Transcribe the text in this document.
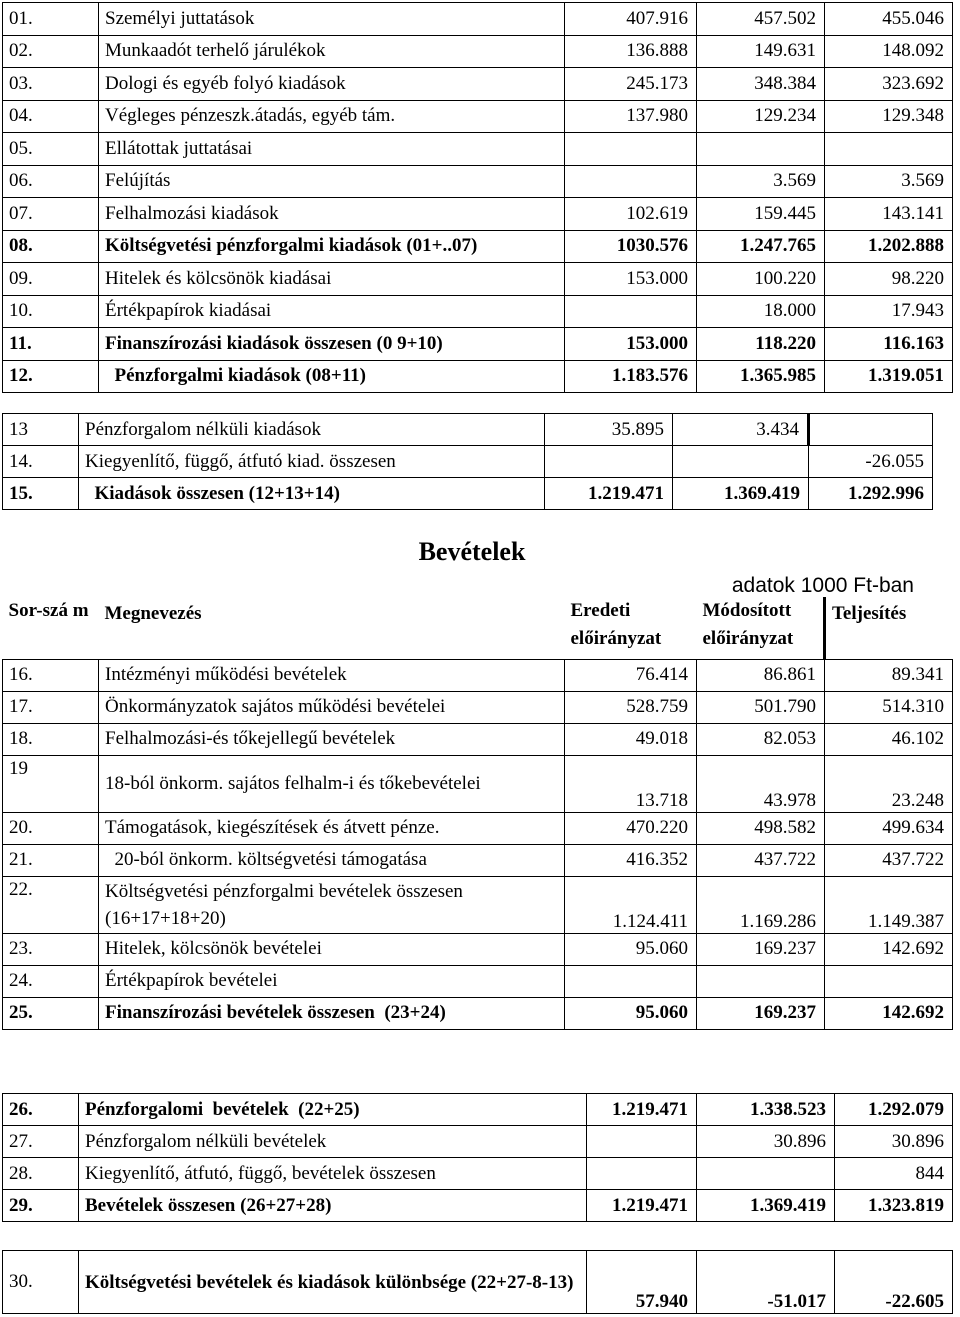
01.	Személyi juttatások	407.916	457.502	455.046
02.	Munkaadót terhelő járulékok	136.888	149.631	148.092
03.	Dologi és egyéb folyó kiadások	245.173	348.384	323.692
04.	Végleges pénzeszk.átadás, egyéb tám.	137.980	129.234	129.348
05.	Ellátottak juttatásai			
06.	Felújítás		3.569	3.569
07.	Felhalmozási kiadások	102.619	159.445	143.141
08.	Költségvetési pénzforgalmi kiadások (01+..07)	1030.576	1.247.765	1.202.888
09.	Hitelek és kölcsönök kiadásai	153.000	100.220	98.220
10.	Értékpapírok kiadásai		18.000	17.943
11.	Finanszírozási kiadások összesen (0 9+10)	153.000	118.220	116.163
12.	Pénzforgalmi kiadások (08+11)	1.183.576	1.365.985	1.319.051
13	Pénzforgalom nélküli kiadások	35.895	3.434	
14.	Kiegyenlítő, függő, átfutó kiad. összesen			-26.055
15.	Kiadások összesen (12+13+14)	1.219.471	1.369.419	1.292.996
Bevételek
adatok 1000 Ft-ban
Sor-szá m	Megnevezés	Eredeti előirányzat	Módosított előirányzat	Teljesítés
16.	Intézményi működési bevételek	76.414	86.861	89.341
17.	Önkormányzatok sajátos működési bevételei	528.759	501.790	514.310
18.	Felhalmozási-és tőkejellegű bevételek	49.018	82.053	46.102
19	18-ból önkorm. sajátos felhalm-i és tőkebevételei	13.718	43.978	23.248
20.	Támogatások, kiegészítések és átvett pénze.	470.220	498.582	499.634
21.	20-ból önkorm. költségvetési támogatása	416.352	437.722	437.722
22.	Költségvetési pénzforgalmi bevételek összesen (16+17+18+20)	1.124.411	1.169.286	1.149.387
23.	Hitelek, kölcsönök bevételei	95.060	169.237	142.692
24.	Értékpapírok bevételei			
25.	Finanszírozási bevételek összesen  (23+24)	95.060	169.237	142.692
26.	Pénzforgalomi  bevételek  (22+25)	1.219.471	1.338.523	1.292.079
27.	Pénzforgalom nélküli bevételek		30.896	30.896
28.	Kiegyenlítő, átfutó, függő, bevételek összesen			844
29.	Bevételek összesen (26+27+28)	1.219.471	1.369.419	1.323.819
30.	Költségvetési bevételek és kiadások különbsége (22+27-8-13)	57.940	-51.017	-22.605
